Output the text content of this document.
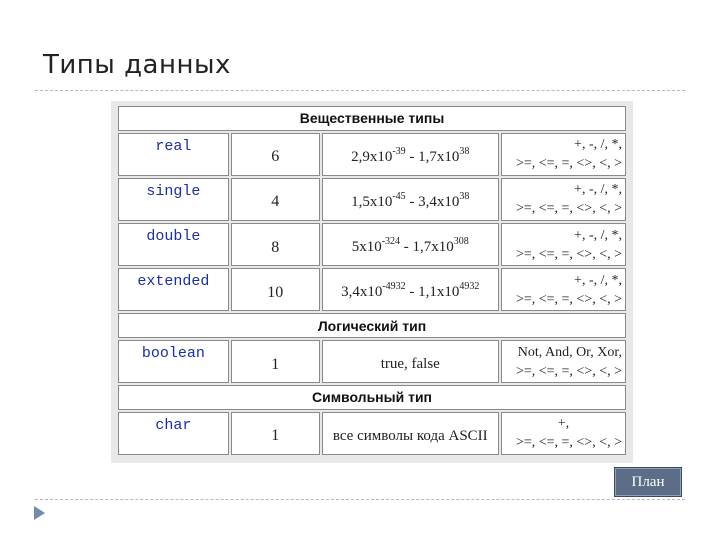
Типы данных
Вещественные типы			
real	6	$2,9x10^{-39} - 1,7x10^{38}$	+, -, /, *,
>=, <=, =, <>, <, >

single	4	$1,5x10^{-45} - 3,4x10^{38}$	+, -, /, *,
>=, <=, =, <>, <, >

double	8	$5x10^{-324} - 1,7x10^{308}$	+, -, /, *,
>=, <=, =, <>, <, >

extended	10	$3,4x10^{-4932} - 1,1x10^{4932}$	+, -, /, *,
>=, <=, =, <>, <, >

Логический тип			
boolean	1	true, false	Not, And, Or, Xor,
>=, <=, =, <>, <, >

Символьный тип			
char	1	все символы кода ASCII	+,
>=, <=, =, <>, <, >
План
